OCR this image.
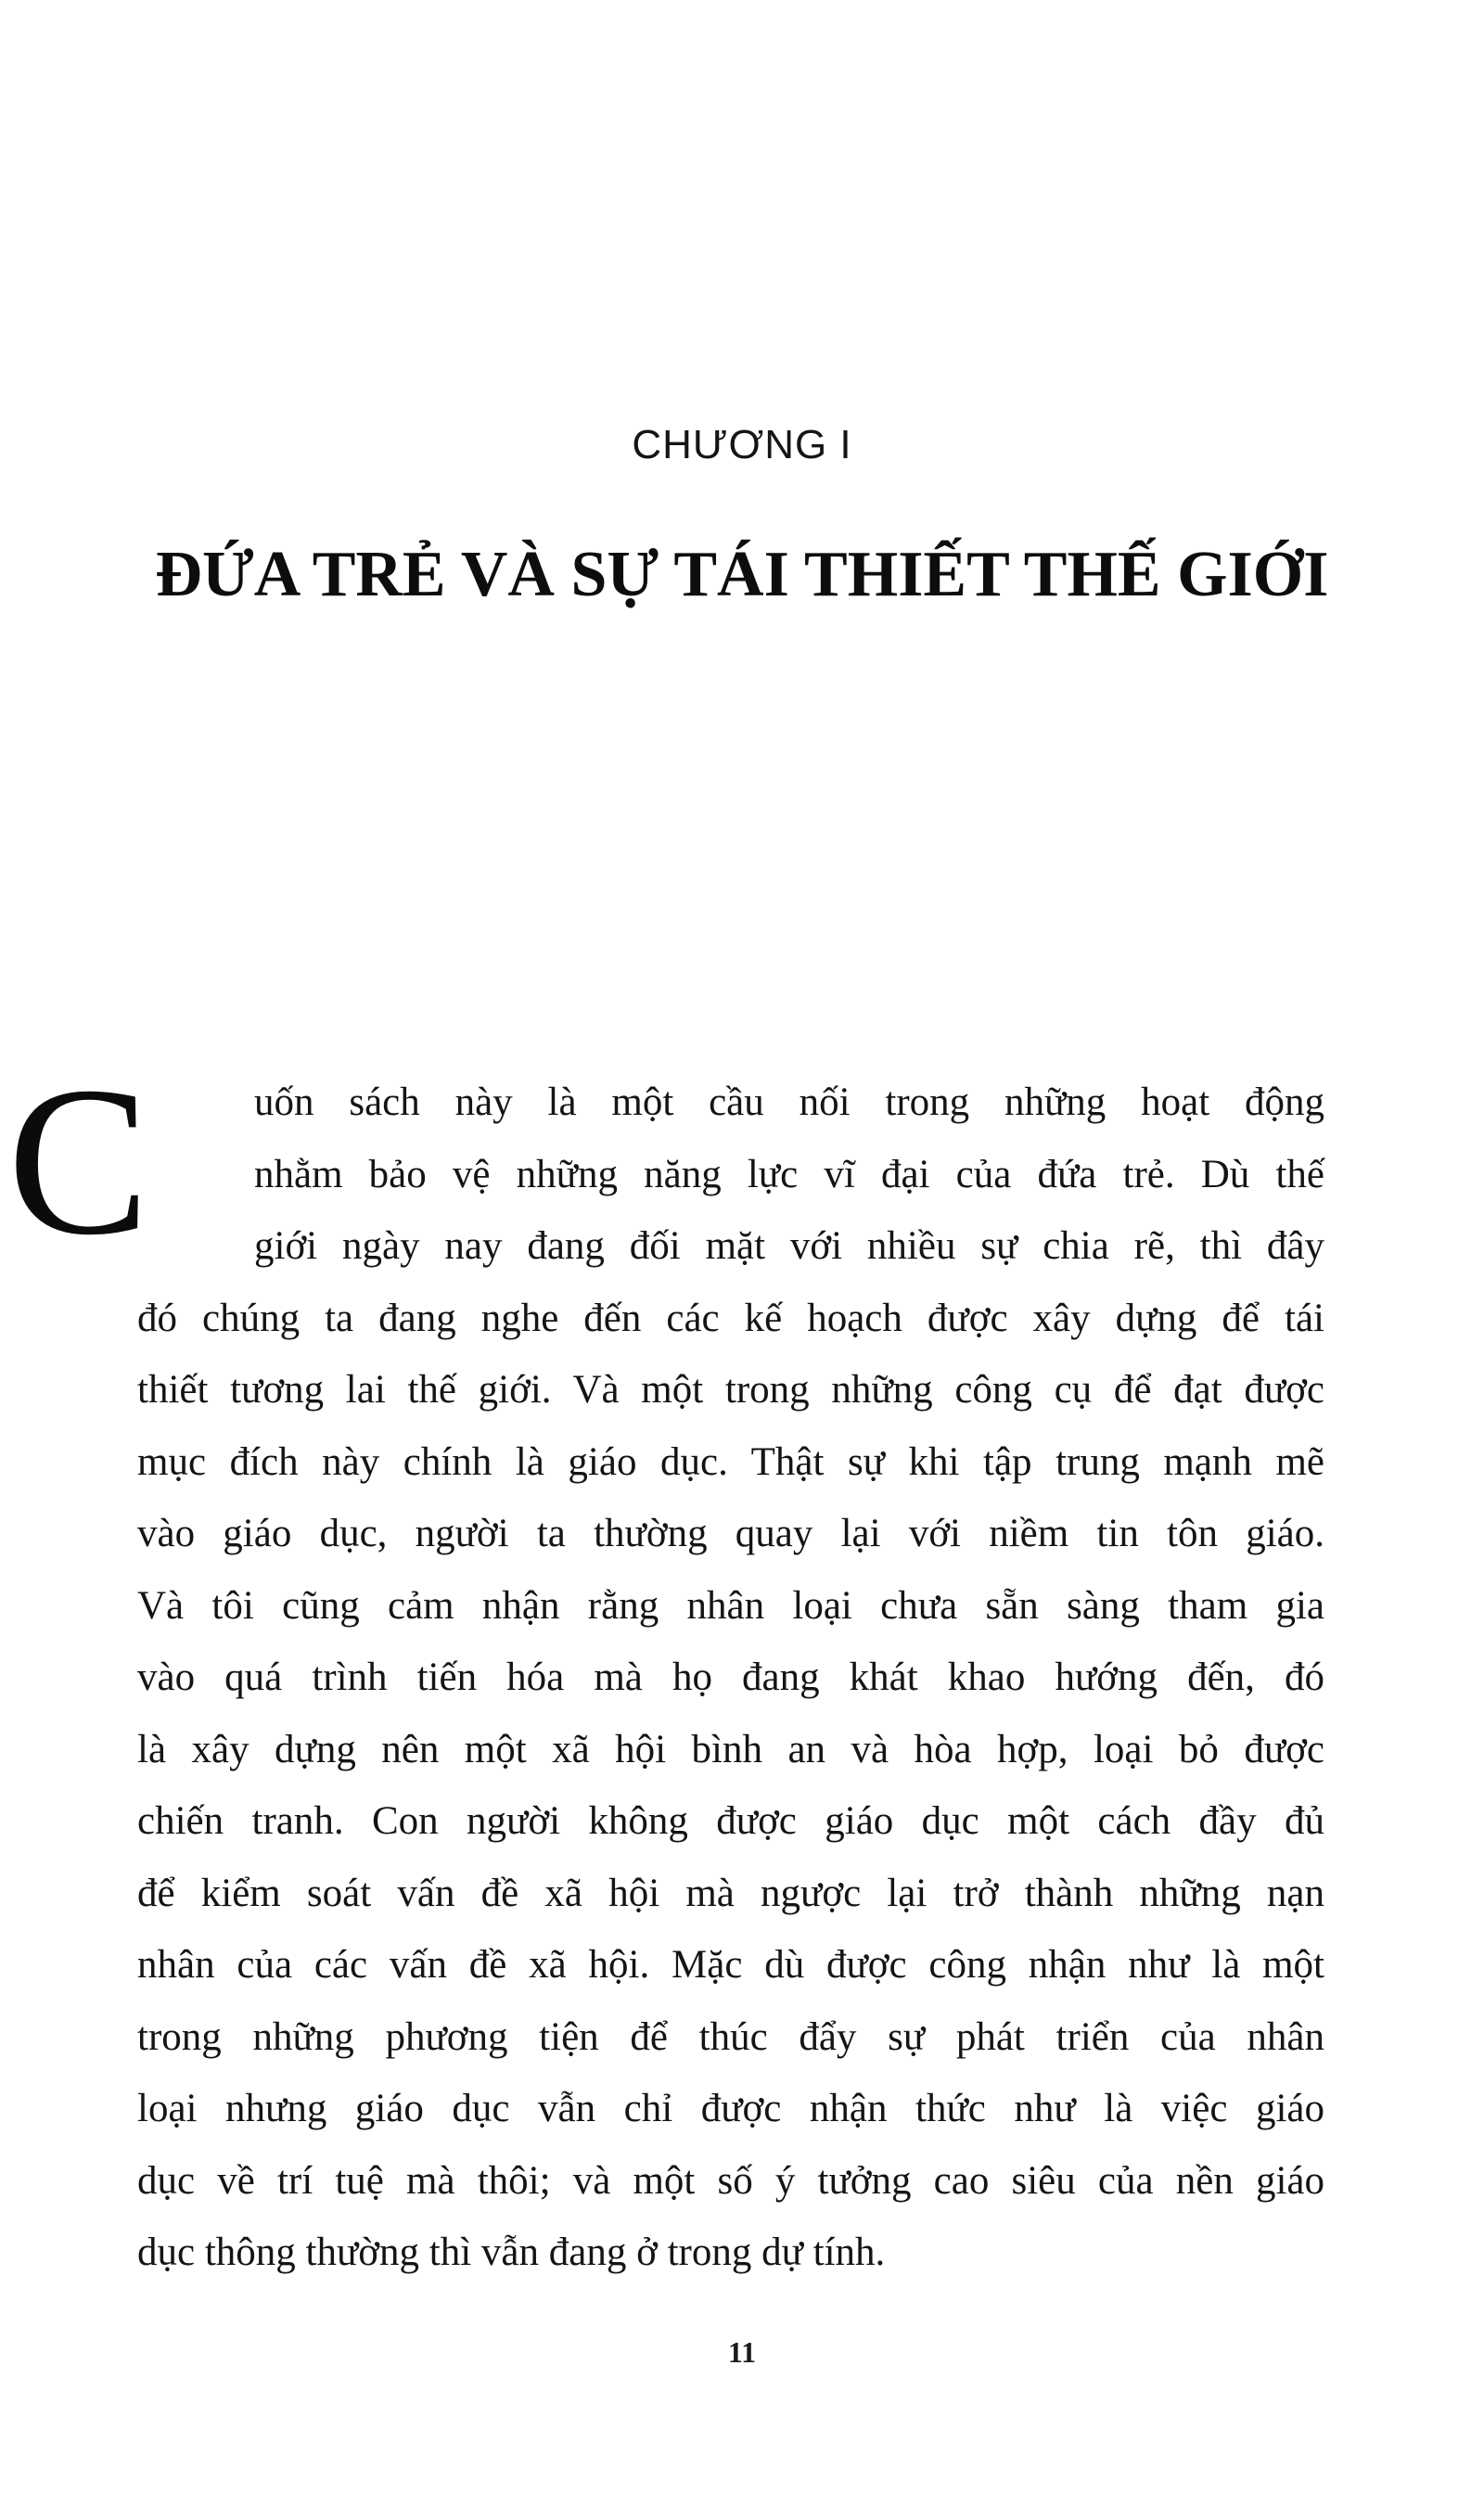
CHƯƠNG I
ĐỨA TRẺ VÀ SỰ TÁI THIẾT THẾ GIỚI
C	uốn sách này là một cầu nối trong những hoạt động
nhằm bảo vệ những năng lực vĩ đại của đứa trẻ. Dù thế
giới ngày nay đang đối mặt với nhiều sự chia rẽ, thì đây
đó chúng ta đang nghe đến các kế hoạch được xây dựng để tái
thiết tương lai thế giới. Và một trong những công cụ để đạt được
mục đích này chính là giáo dục. Thật sự khi tập trung mạnh mẽ
vào giáo dục, người ta thường quay lại với niềm tin tôn giáo.
Và tôi cũng cảm nhận rằng nhân loại chưa sẵn sàng tham gia
vào quá trình tiến hóa mà họ đang khát khao hướng đến, đó
là xây dựng nên một xã hội bình an và hòa hợp, loại bỏ được
chiến tranh. Con người không được giáo dục một cách đầy đủ
để kiểm soát vấn đề xã hội mà ngược lại trở thành những nạn
nhân của các vấn đề xã hội. Mặc dù được công nhận như là một
trong những phương tiện để thúc đẩy sự phát triển của nhân
loại nhưng giáo dục vẫn chỉ được nhận thức như là việc giáo
dục về trí tuệ mà thôi; và một số ý tưởng cao siêu của nền giáo
dục thông thường thì vẫn đang ở trong dự tính.
11
